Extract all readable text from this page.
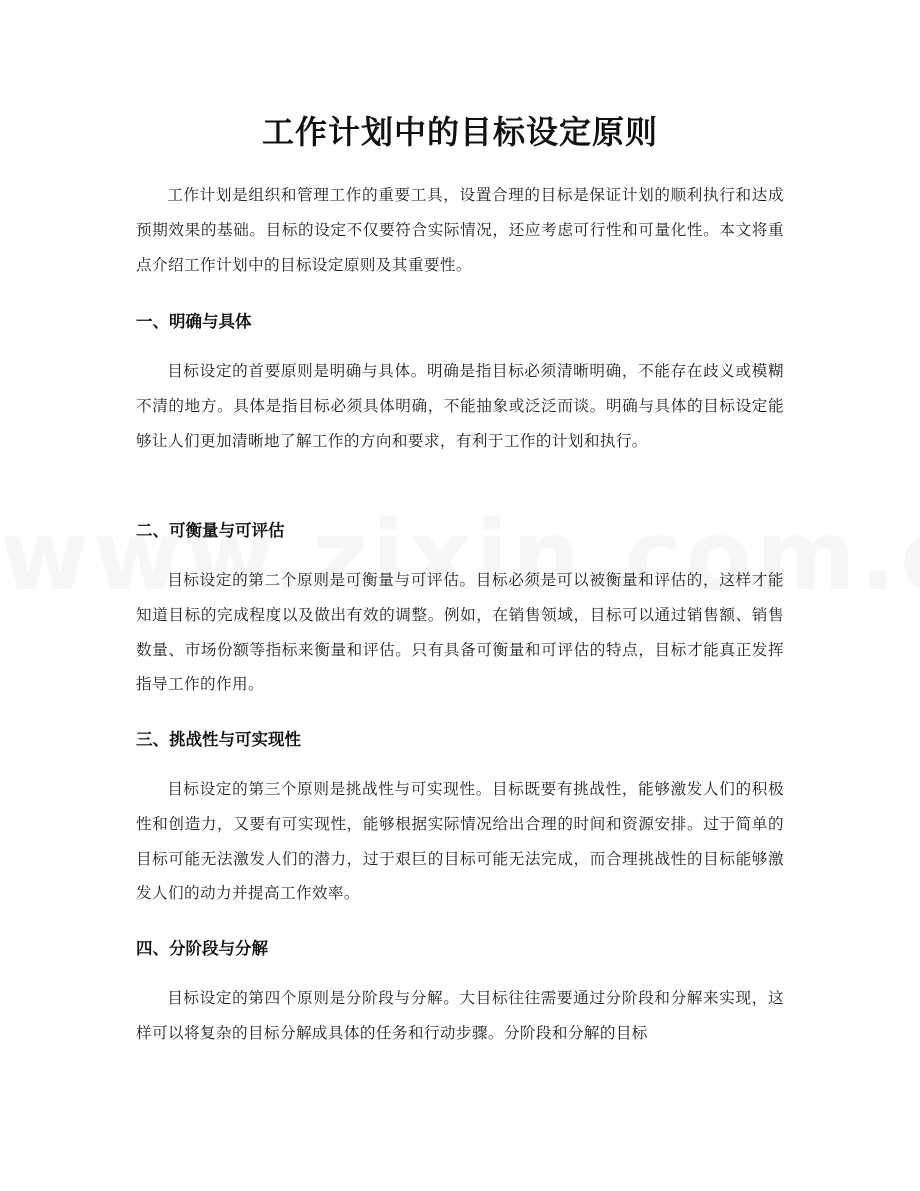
工作计划中的目标设定原则

工作计划是组织和管理工作的重要工具，设置合理的目标是保证计划的顺利执行和达成预期效果的基础。目标的设定不仅要符合实际情况，还应考虑可行性和可量化性。本文将重点介绍工作计划中的目标设定原则及其重要性。

一、明确与具体

目标设定的首要原则是明确与具体。明确是指目标必须清晰明确，不能存在歧义或模糊不清的地方。具体是指目标必须具体明确，不能抽象或泛泛而谈。明确与具体的目标设定能够让人们更加清晰地了解工作的方向和要求，有利于工作的计划和执行。

二、可衡量与可评估

目标设定的第二个原则是可衡量与可评估。目标必须是可以被衡量和评估的，这样才能知道目标的完成程度以及做出有效的调整。例如，在销售领域，目标可以通过销售额、销售数量、市场份额等指标来衡量和评估。只有具备可衡量和可评估的特点，目标才能真正发挥指导工作的作用。

三、挑战性与可实现性

目标设定的第三个原则是挑战性与可实现性。目标既要有挑战性，能够激发人们的积极性和创造力，又要有可实现性，能够根据实际情况给出合理的时间和资源安排。过于简单的目标可能无法激发人们的潜力，过于艰巨的目标可能无法完成，而合理挑战性的目标能够激发人们的动力并提高工作效率。

四、分阶段与分解

目标设定的第四个原则是分阶段与分解。大目标往往需要通过分阶段和分解来实现，这样可以将复杂的目标分解成具体的任务和行动步骤。分阶段和分解的目标
